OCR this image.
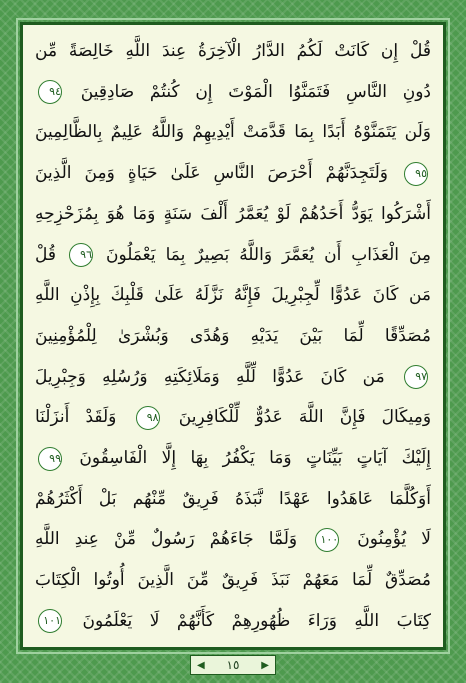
قُلْ إِن كَانَتْ لَكُمُ الدَّارُ الْآخِرَةُ عِندَ اللَّهِ خَالِصَةً مِّن
دُونِ النَّاسِ فَتَمَنَّوُا الْمَوْتَ إِن كُنتُمْ صَادِقِينَ ٩٤
وَلَن يَتَمَنَّوْهُ أَبَدًا بِمَا قَدَّمَتْ أَيْدِيهِمْ وَاللَّهُ عَلِيمٌ بِالظَّالِمِينَ
٩٥ وَلَتَجِدَنَّهُمْ أَحْرَصَ النَّاسِ عَلَىٰ حَيَاةٍ وَمِنَ الَّذِينَ
أَشْرَكُوا يَوَدُّ أَحَدُهُمْ لَوْ يُعَمَّرُ أَلْفَ سَنَةٍ وَمَا هُوَ بِمُزَحْزِحِهِ
مِنَ الْعَذَابِ أَن يُعَمَّرَ وَاللَّهُ بَصِيرٌ بِمَا يَعْمَلُونَ ٩٦ قُلْ
مَن كَانَ عَدُوًّا لِّجِبْرِيلَ فَإِنَّهُ نَزَّلَهُ عَلَىٰ قَلْبِكَ بِإِذْنِ اللَّهِ
مُصَدِّقًا لِّمَا بَيْنَ يَدَيْهِ وَهُدًى وَبُشْرَىٰ لِلْمُؤْمِنِينَ
٩٧ مَن كَانَ عَدُوًّا لِّلَّهِ وَمَلَائِكَتِهِ وَرُسُلِهِ وَجِبْرِيلَ
وَمِيكَالَ فَإِنَّ اللَّهَ عَدُوٌّ لِّلْكَافِرِينَ ٩٨ وَلَقَدْ أَنزَلْنَا
إِلَيْكَ آيَاتٍ بَيِّنَاتٍ وَمَا يَكْفُرُ بِهَا إِلَّا الْفَاسِقُونَ ٩٩
أَوَكُلَّمَا عَاهَدُوا عَهْدًا نَّبَذَهُ فَرِيقٌ مِّنْهُم بَلْ أَكْثَرُهُمْ
لَا يُؤْمِنُونَ ١٠٠ وَلَمَّا جَاءَهُمْ رَسُولٌ مِّنْ عِندِ اللَّهِ
مُصَدِّقٌ لِّمَا مَعَهُمْ نَبَذَ فَرِيقٌ مِّنَ الَّذِينَ أُوتُوا الْكِتَابَ
كِتَابَ اللَّهِ وَرَاءَ ظُهُورِهِمْ كَأَنَّهُمْ لَا يَعْلَمُونَ ١٠١
◀ ١٥ ▶
